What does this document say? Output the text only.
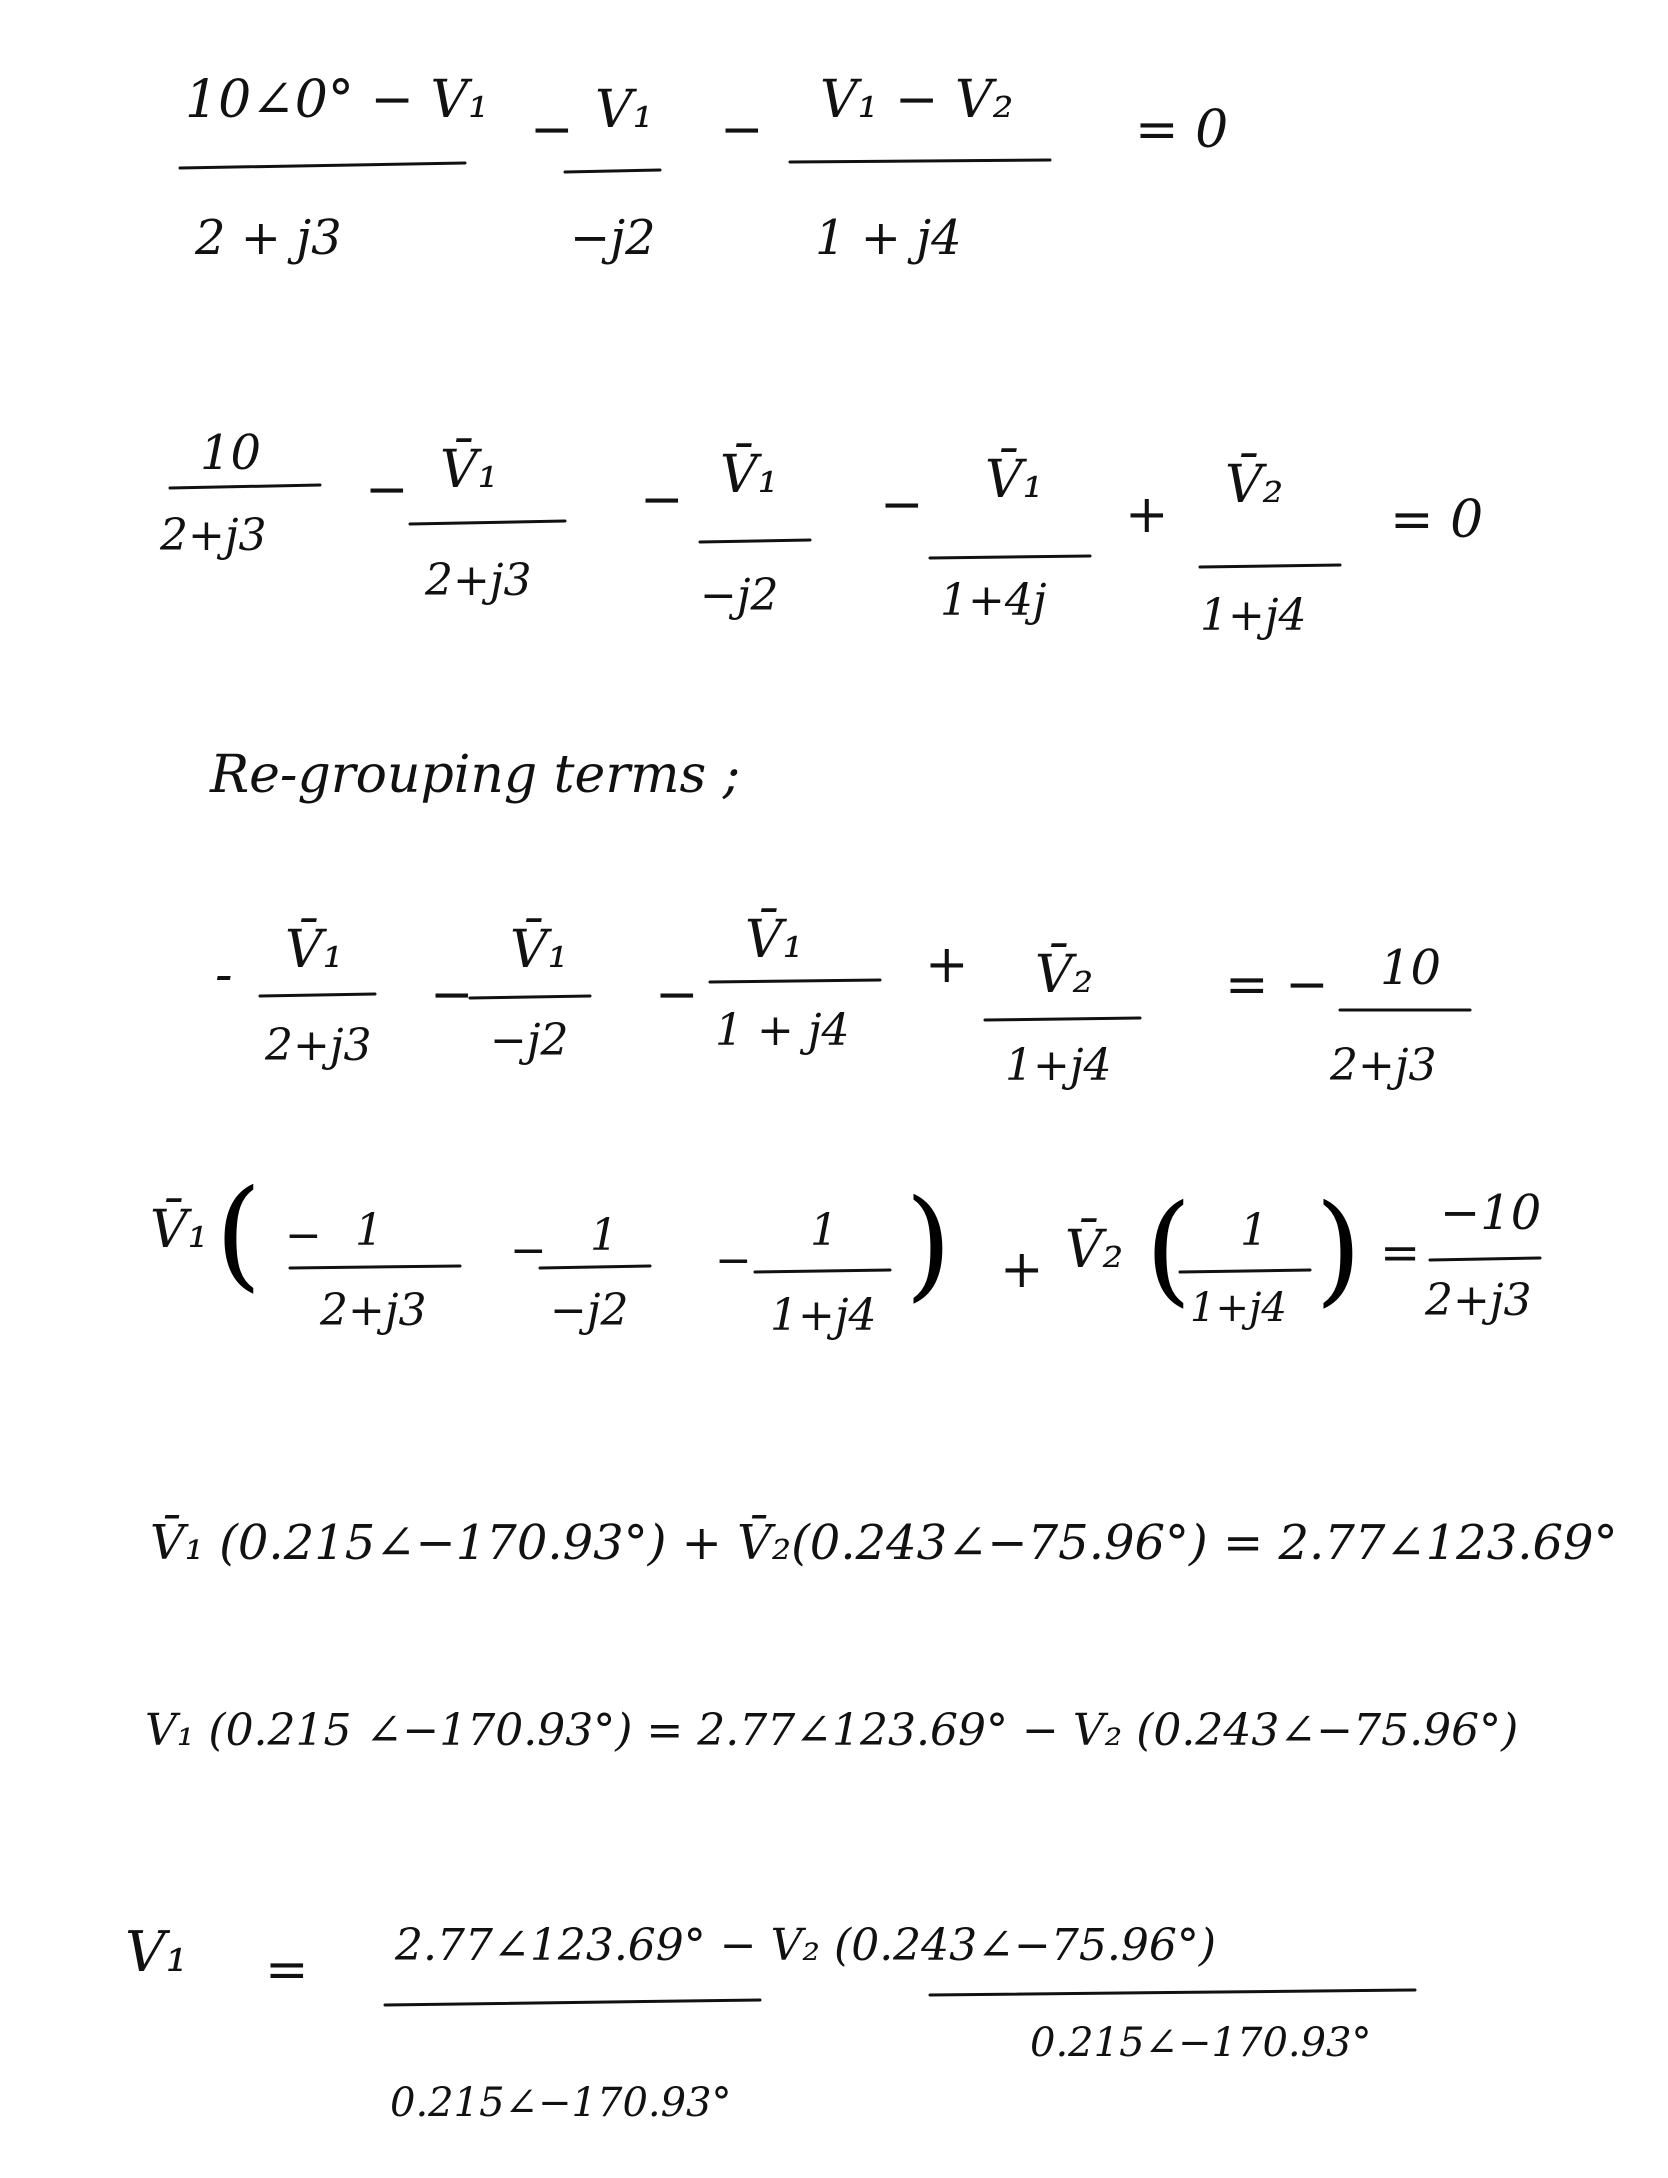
10∠0° − V₁
2 + j3
− V₁
−j2
− V₁ − V₂
1 + j4
= 0
10
2+j3
− V̄₁
2+j3
− V̄₁
−j2
− V̄₁
1+4j
+ V̄₂
1+j4
= 0
Re-grouping terms ;
- V̄₁
2+j3
−
V̄₁
−j2
−
V̄₁
1 + j4
+ V̄₂
1+j4
= − 10
2+j3
V̄₁ ( − 1
2+j3
− 1
−j2
−
1
1+j4
) + V̄₂ ( 1
1+j4 ) =
−10
2+j3
V̄₁ (0.215∠−170.93°) + V̄₂(0.243∠−75.96°) = 2.77∠123.69°
V₁ (0.215 ∠−170.93°) = 2.77∠123.69° − V₂ (0.243∠−75.96°)
V₁ = 2.77∠123.69° − V₂ (0.243∠−75.96°)
0.215∠−170.93°
0.215∠−170.93°
